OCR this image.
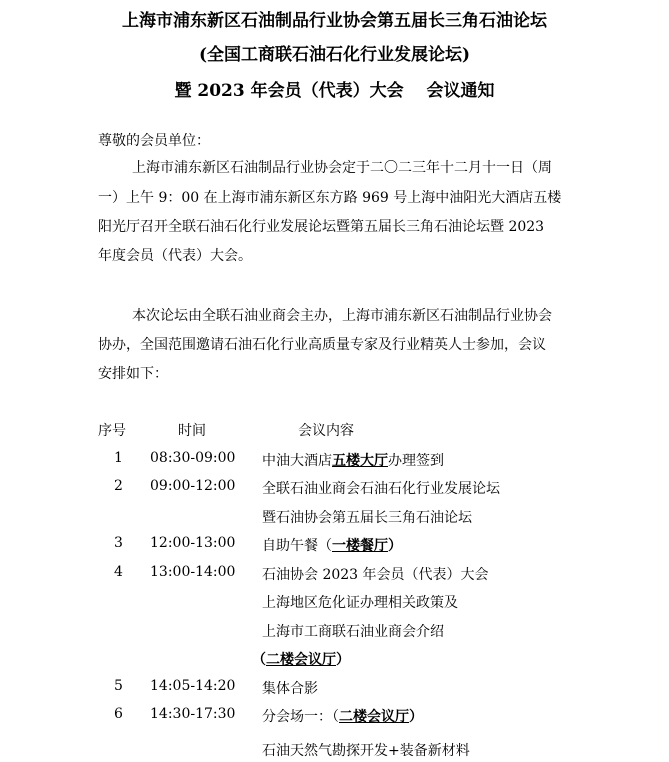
上海市浦东新区石油制品行业协会第五届长三角石油论坛
(全国工商联石油石化行业发展论坛)
暨 2023 年会员（代表）大会　 会议通知
尊敬的会员单位：
上海市浦东新区石油制品行业协会定于二〇二三年十二月十一日（周
一）上午 9：00 在上海市浦东新区东方路 969 号上海中油阳光大酒店五楼
阳光厅召开全联石油石化行业发展论坛暨第五届长三角石油论坛暨 2023
年度会员（代表）大会。
本次论坛由全联石油业商会主办，上海市浦东新区石油制品行业协会
协办，全国范围邀请石油石化行业高质量专家及行业精英人士参加，会议
安排如下：
序号	时间	会议内容
1 08:30-09:00 中油大酒店五楼大厅办理签到
2 09:00-12:00 全联石油业商会石油石化行业发展论坛
暨石油协会第五届长三角石油论坛
3 12:00-13:00 自助午餐（一楼餐厅）
4 13:00-14:00 石油协会 2023 年会员（代表）大会
上海地区危化证办理相关政策及
上海市工商联石油业商会介绍
（二楼会议厅）
5 14:05-14:20 集体合影
6 14:30-17:30 分会场一：（二楼会议厅）
石油天然气勘探开发+装备新材料
